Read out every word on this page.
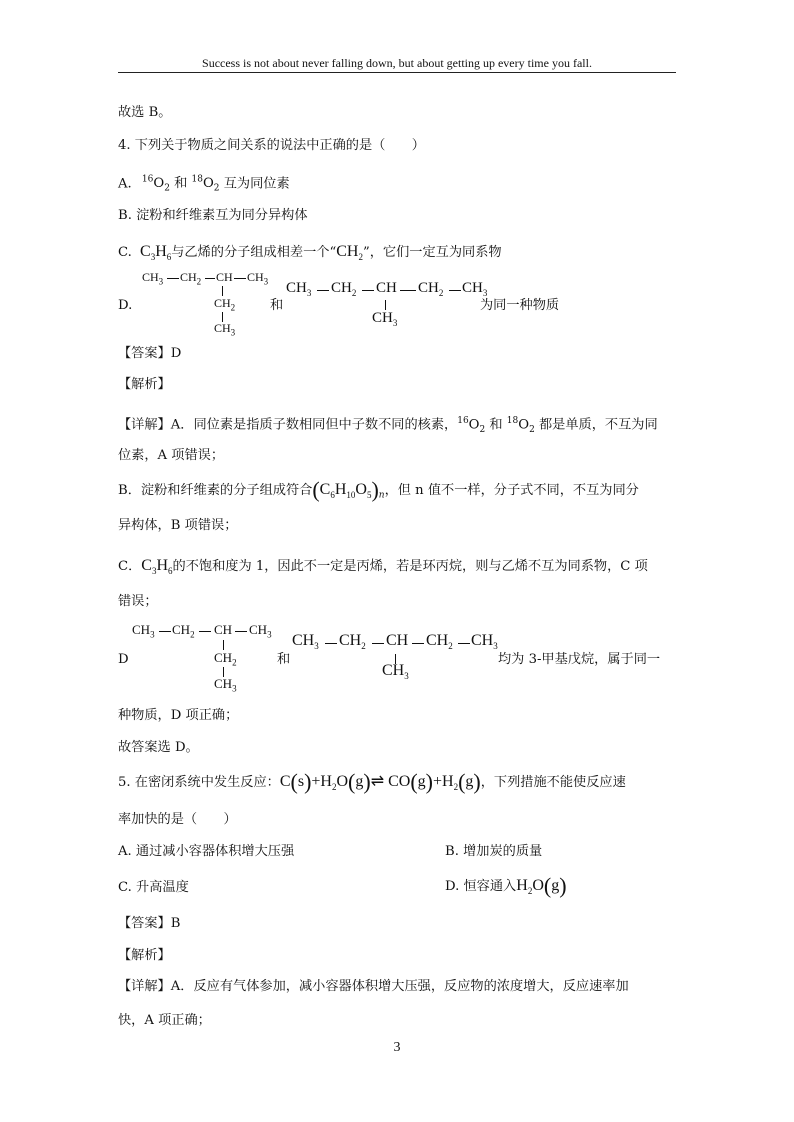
Success is not about never falling down, but about getting up every time you fall.
故选 B。
4. 下列关于物质之间关系的说法中正确的是（　　）
A. $^{16}O_2$ 和 $^{18}O_2$ 互为同位素
B. 淀粉和纤维素互为同分异构体
C. $C_3H_6$与乙烯的分子组成相差一个“$CH_2$”，它们一定互为同系物
D.
$CH_3$ $CH_2$ CH $CH_3$
$CH_2$
$CH_3$
和
$CH_3$ $CH_2$ CH $CH_2$ $CH_3$
$CH_3$
为同一种物质
【答案】D
【解析】
【详解】A．同位素是指质子数相同但中子数不同的核素，$^{16}O_2$ 和 $^{18}O_2$ 都是单质，不互为同
位素，A 项错误；
B．淀粉和纤维素的分子组成符合$(C_6H_{10}O_5)_n$，但 n 值不一样，分子式不同，不互为同分
异构体，B 项错误；
C．$C_3H_6$的不饱和度为 1，因此不一定是丙烯，若是环丙烷，则与乙烯不互为同系物，C 项
错误；
D
$CH_3$ $CH_2$ CH $CH_3$
$CH_2$
$CH_3$
和
$CH_3$ $CH_2$ CH $CH_2$ $CH_3$
$CH_3$
均为 3-甲基戊烷，属于同一
种物质，D 项正确；
故答案选 D。
5. 在密闭系统中发生反应：$C(s)+H_2O(g)\rightleftharpoons$ $CO(g)+H_2(g)$，下列措施不能使反应速
率加快的是（　　）
A. 通过减小容器体积增大压强	B. 增加炭的质量
C. 升高温度	D. 恒容通入$H_2O(g)$
【答案】B
【解析】
【详解】A．反应有气体参加，减小容器体积增大压强，反应物的浓度增大，反应速率加
快，A 项正确；
3
